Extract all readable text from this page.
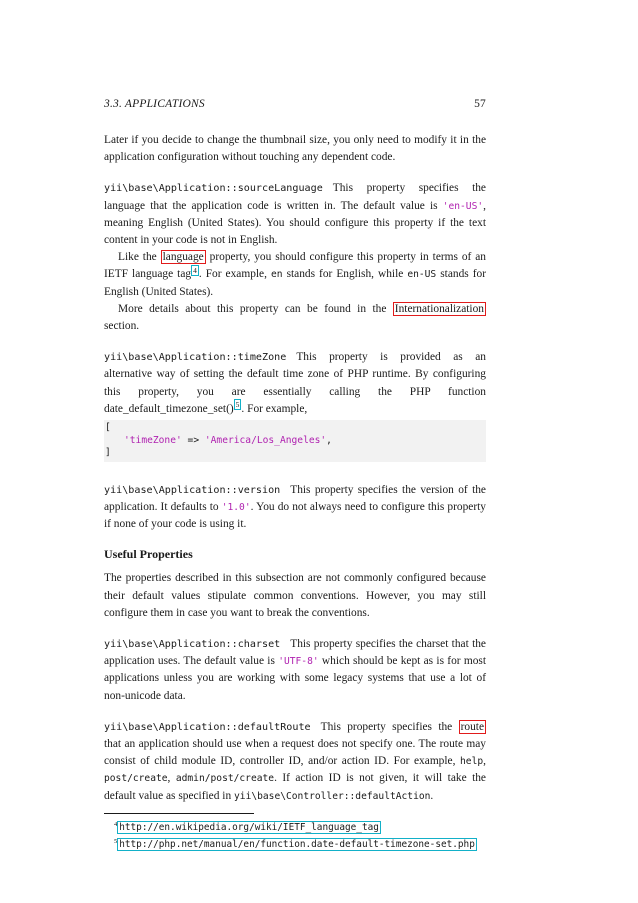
3.3. APPLICATIONS	57

Later if you decide to change the thumbnail size, you only need to modify it in the application configuration without touching any dependent code.

yii\base\Application::sourceLanguage This property specifies the language that the application code is written in. The default value is 'en-US', meaning English (United States). You should configure this property if the text content in your code is not in English.

Like the language property, you should configure this property in terms of an IETF language tag $^4$ . For example, en stands for English, while en-US stands for English (United States).

More details about this property can be found in the Internationalization section.

yii\base\Application::timeZone This property is provided as an alternative way of setting the default time zone of PHP runtime. By configuring this property, you are essentially calling the PHP function date_default_timezone_set() $^5$ . For example,

[
'timeZone' => 'America/Los_Angeles',
]

yii\base\Application::version This property specifies the version of the application. It defaults to '1.0'. You do not always need to configure this property if none of your code is using it.

Useful Properties

The properties described in this subsection are not commonly configured because their default values stipulate common conventions. However, you may still configure them in case you want to break the conventions.

yii\base\Application::charset This property specifies the charset that the application uses. The default value is 'UTF-8' which should be kept as is for most applications unless you are working with some legacy systems that use a lot of non-unicode data.

yii\base\Application::defaultRoute This property specifies the route that an application should use when a request does not specify one. The route may consist of child module ID, controller ID, and/or action ID. For example, help, post/create, admin/post/create. If action ID is not given, it will take the default value as specified in yii\base\Controller::defaultAction.

$^4$ http://en.wikipedia.org/wiki/IETF_language_tag
$^5$ http://php.net/manual/en/function.date-default-timezone-set.php
